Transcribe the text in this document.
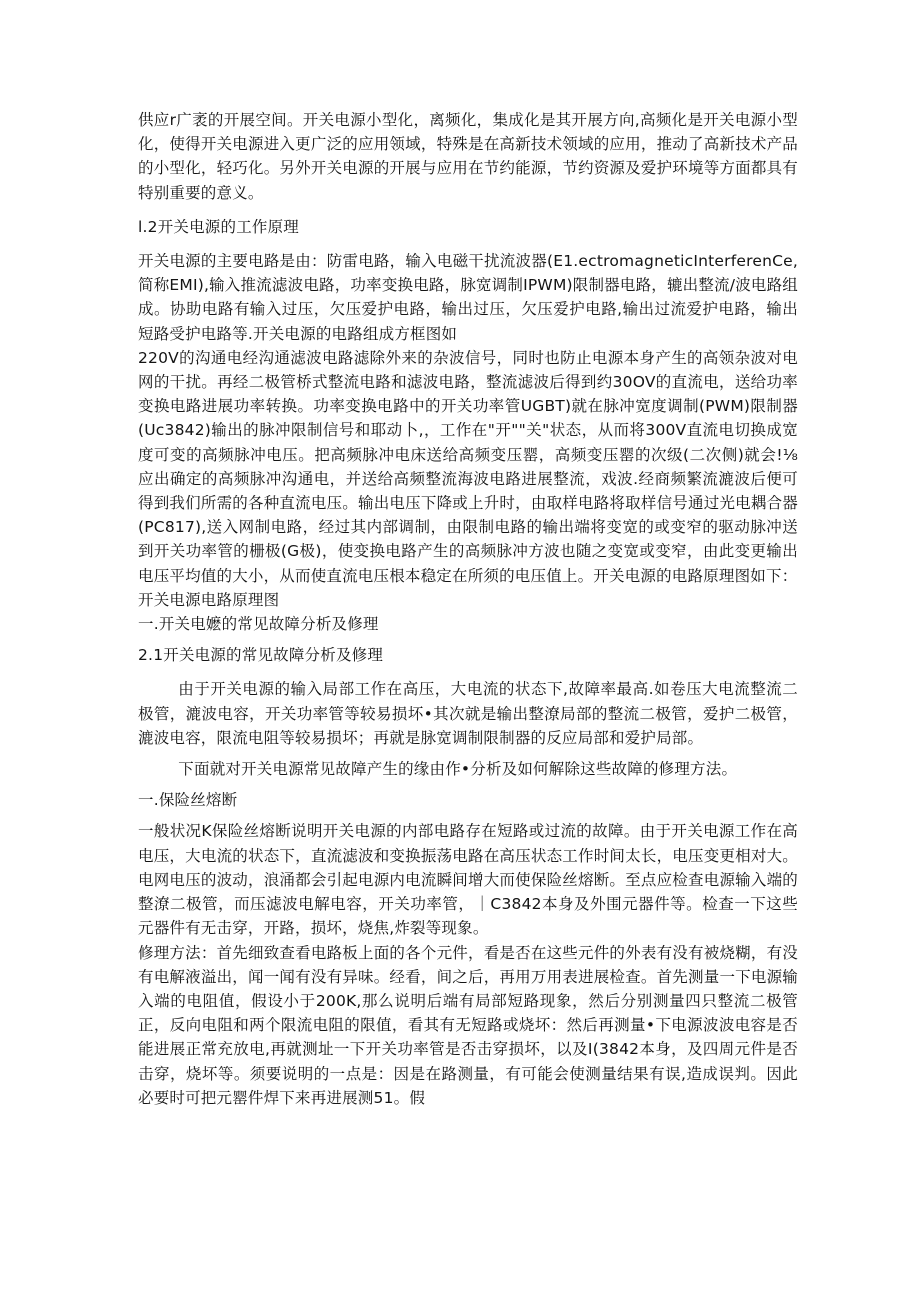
供应r广袤的开展空间。开关电源小型化，离频化，集成化是其开展方向,高频化是开关电源小型化，使得开关电源进入更广泛的应用领域，特殊是在高新技术领域的应用，推动了高新技术产品的小型化，轻巧化。另外开关电源的开展与应用在节约能源，节约资源及爱护环境等方面都具有特别重要的意义。

l.2开关电源的工作原理

开关电源的主要电路是由：防雷电路，输入电磁干扰流波器(E1.ectromagneticInterferenCe,简称EMI),输入推流滤波电路，功率变换电路，脉宽调制IPWM)限制器电路，辘出整流/波电路组成。协助电路有输入过压，欠压爱护电路，输出过压，欠压爱护电路,输出过流爱护电路，输出短路受护电路等.开关电源的电路组成方框图如

220V的沟通电经沟通滤波电路滤除外来的杂波信号，同时也防止电源本身产生的高领杂波对电网的干扰。再经二极管桥式整流电路和滤波电路，整流滤波后得到约30OV的直流电，送给功率变换电路进展功率转换。功率变换电路中的开关功率管UGBT)就在脉冲宽度调制(PWM)限制器(Uc3842)输出的脉冲限制信号和耶动卜,，工作在"开""关"状态，从而将300V直流电切换成宽度可变的高频脉冲电压。把高频脉冲电床送给高频变压罂，高频变压罂的次级(二次侧)就会!⅛应出确定的高频脉冲沟通电，并送给高频整流海波电路进展整流，戏波.经商频繁流漉波后便可得到我们所需的各种直流电压。输出电压下降或上升时，由取样电路将取样信号通过光电耦合器(PC817),送入网制电路，经过其内部调制，由限制电路的输出端将变宽的或变窄的驱动脉冲送到开关功率管的栅极(G极)，使变换电路产生的高频脉冲方波也随之变宽或变窄，由此变更输出电压平均值的大小，从而使直流电压根本稳定在所须的电压值上。开关电源的电路原理图如下：

开关电源电路原理图

一.开关电嬷的常见故障分析及修理

2.1开关电源的常见故障分析及修理

由于开关电源的输入局部工作在高压，大电流的状态下,故障率最高.如卷压大电流整流二极管，漉波电容，开关功率管等较易损坏•其次就是输出整潦局部的整流二极管，爱护二极管，漉波电容，限流电阻等较易损坏；再就是脉宽调制限制器的反应局部和爱护局部。

下面就对开关电源常见故障产生的缘由作•分析及如何解除这些故障的修理方法。

一.保险丝熔断

一般状况K保险丝熔断说明开关电源的内部电路存在短路或过流的故障。由于开关电源工作在高电压，大电流的状态下，直流滤波和变换振荡电路在高压状态工作时间太长，电压变更相对大。电网电压的波动，浪涌都会引起电源内电流瞬间增大而使保险丝熔断。至点应检查电源输入端的整潦二极管，而压滤波电解电容，开关功率管，｜C3842本身及外围元器件等。检查一下这些元器件有无击穿，开路，损坏，烧焦,炸裂等现象。

修理方法：首先细致查看电路板上面的各个元件，看是否在这些元件的外表有没有被烧糊，有没有电解液溢出，闻一闻有没有异味。经看，间之后，再用万用表进展检查。首先测量一下电源输入端的电阻值，假设小于200K,那么说明后端有局部短路现象，然后分别测量四只整流二极管正，反向电阻和两个限流电阻的限值，看其有无短路或烧坏：然后再测量•下电源波波电容是否能进展正常充放电,再就测址一下开关功率管是否击穿损坏，以及I(3842本身，及四周元件是否击穿，烧坏等。须要说明的一点是：因是在路测量，有可能会使测量结果有误,造成误判。因此必要时可把元罂件焊下来再进展测51。假
